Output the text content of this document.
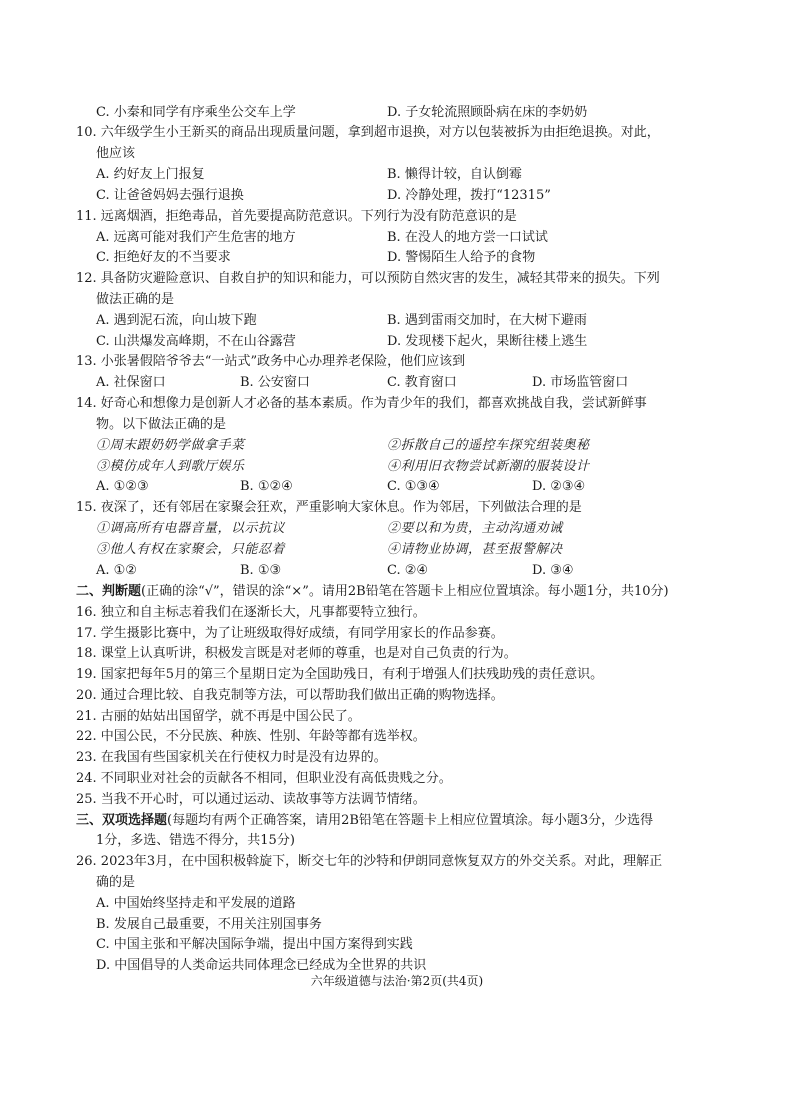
C. 小秦和同学有序乘坐公交车上学	D. 子女轮流照顾卧病在床的李奶奶
10. 六年级学生小王新买的商品出现质量问题，拿到超市退换，对方以包装被拆为由拒绝退换。对此，
他应该
A. 约好友上门报复	B. 懒得计较，自认倒霉
C. 让爸爸妈妈去强行退换	D. 冷静处理，拨打“12315”
11. 远离烟酒，拒绝毒品，首先要提高防范意识。下列行为没有防范意识的是
A. 远离可能对我们产生危害的地方	B. 在没人的地方尝一口试试
C. 拒绝好友的不当要求	D. 警惕陌生人给予的食物
12. 具备防灾避险意识、自救自护的知识和能力，可以预防自然灾害的发生，减轻其带来的损失。下列
做法正确的是
A. 遇到泥石流，向山坡下跑	B. 遇到雷雨交加时，在大树下避雨
C. 山洪爆发高峰期，不在山谷露营	D. 发现楼下起火，果断往楼上逃生
13. 小张暑假陪爷爷去“一站式”政务中心办理养老保险，他们应该到
A. 社保窗口	B. 公安窗口	C. 教育窗口	D. 市场监管窗口
14. 好奇心和想像力是创新人才必备的基本素质。作为青少年的我们，都喜欢挑战自我，尝试新鲜事
物。以下做法正确的是
①周末跟奶奶学做拿手菜	②拆散自己的遥控车探究组装奥秘
③模仿成年人到歌厅娱乐	④利用旧衣物尝试新潮的服装设计
A. ①②③	B. ①②④	C. ①③④	D. ②③④
15. 夜深了，还有邻居在家聚会狂欢，严重影响大家休息。作为邻居，下列做法合理的是
①调高所有电器音量，以示抗议	②要以和为贵，主动沟通劝诫
③他人有权在家聚会，只能忍着	④请物业协调，甚至报警解决
A. ①②	B. ①③	C. ②④	D. ③④
二、判断题(正确的涂“√”，错误的涂“×”。请用2B铅笔在答题卡上相应位置填涂。每小题1分，共10分)
16. 独立和自主标志着我们在逐渐长大，凡事都要特立独行。
17. 学生摄影比赛中，为了让班级取得好成绩，有同学用家长的作品参赛。
18. 课堂上认真听讲，积极发言既是对老师的尊重，也是对自己负责的行为。
19. 国家把每年5月的第三个星期日定为全国助残日，有利于增强人们扶残助残的责任意识。
20. 通过合理比较、自我克制等方法，可以帮助我们做出正确的购物选择。
21. 古丽的姑姑出国留学，就不再是中国公民了。
22. 中国公民，不分民族、种族、性别、年龄等都有选举权。
23. 在我国有些国家机关在行使权力时是没有边界的。
24. 不同职业对社会的贡献各不相同，但职业没有高低贵贱之分。
25. 当我不开心时，可以通过运动、读故事等方法调节情绪。
三、双项选择题(每题均有两个正确答案，请用2B铅笔在答题卡上相应位置填涂。每小题3分，少选得
1分，多选、错选不得分，共15分)
26. 2023年3月，在中国积极斡旋下，断交七年的沙特和伊朗同意恢复双方的外交关系。对此，理解正
确的是
A. 中国始终坚持走和平发展的道路
B. 发展自己最重要，不用关注别国事务
C. 中国主张和平解决国际争端，提出中国方案得到实践
D. 中国倡导的人类命运共同体理念已经成为全世界的共识
六年级道德与法治·第2页(共4页)
